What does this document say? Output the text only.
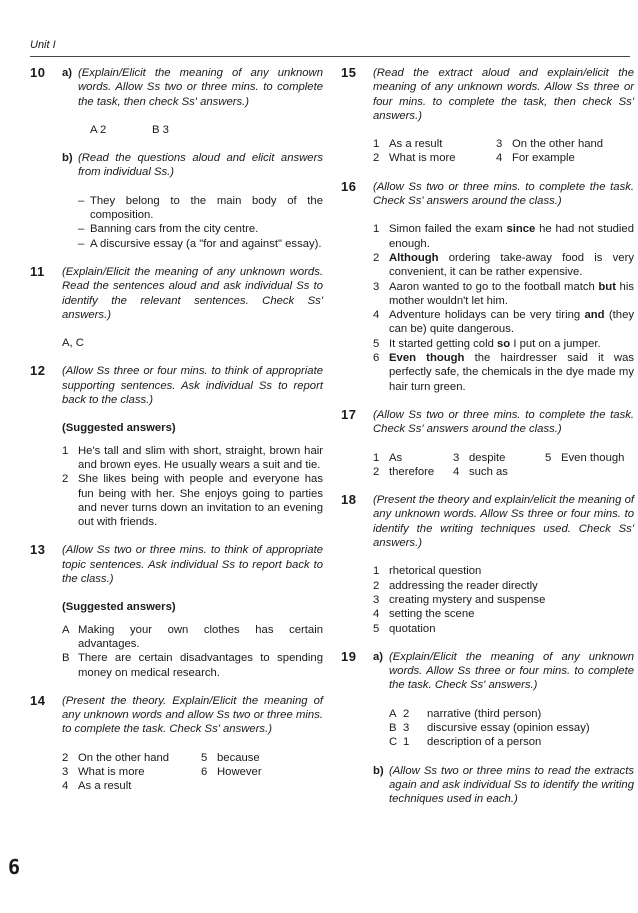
Unit I
10 a) (Explain/Elicit the meaning of any unknown words. Allow Ss two or three mins. to complete the task, then check Ss' answers.)
A 2	B 3
b) (Read the questions aloud and elicit answers from individual Ss.)
– They belong to the main body of the composition.
– Banning cars from the city centre.
– A discursive essay (a "for and against" essay).
11 (Explain/Elicit the meaning of any unknown words. Read the sentences aloud and ask individual Ss to identify the relevant sentences. Check Ss' answers.)
A, C
12 (Allow Ss three or four mins. to think of appropriate supporting sentences. Ask individual Ss to report back to the class.)
(Suggested answers)
1 He's tall and slim with short, straight, brown hair and brown eyes. He usually wears a suit and tie.
2 She likes being with people and everyone has fun being with her. She enjoys going to parties and never turns down an invitation to an evening out with friends.
13 (Allow Ss two or three mins. to think of appropriate topic sentences. Ask individual Ss to report back to the class.)
(Suggested answers)
A Making your own clothes has certain advantages.
B There are certain disadvantages to spending money on medical research.
14 (Present the theory. Explain/Elicit the meaning of any unknown words and allow Ss two or three mins. to complete the task. Check Ss' answers.)
2 On the other hand	5 because
3 What is more	6 However
4 As a result
15 (Read the extract aloud and explain/elicit the meaning of any unknown words. Allow Ss three or four mins. to complete the task, then check Ss' answers.)
1 As a result	3 On the other hand
2 What is more	4 For example
16 (Allow Ss two or three mins. to complete the task. Check Ss' answers around the class.)
1 Simon failed the exam since he had not studied enough.
2 Although ordering take-away food is very convenient, it can be rather expensive.
3 Aaron wanted to go to the football match but his mother wouldn't let him.
4 Adventure holidays can be very tiring and (they can be) quite dangerous.
5 It started getting cold so I put on a jumper.
6 Even though the hairdresser said it was perfectly safe, the chemicals in the dye made my hair turn green.
17 (Allow Ss two or three mins. to complete the task. Check Ss' answers around the class.)
1 As	3 despite	5 Even though
2 therefore	4 such as
18 (Present the theory and explain/elicit the meaning of any unknown words. Allow Ss three or four mins. to identify the writing techniques used. Check Ss' answers.)
1 rhetorical question
2 addressing the reader directly
3 creating mystery and suspense
4 setting the scene
5 quotation
19 a) (Explain/Elicit the meaning of any unknown words. Allow Ss three or four mins. to complete the task. Check Ss' answers.)
A 2	narrative (third person)
B 3	discursive essay (opinion essay)
C 1	description of a person
b) (Allow Ss two or three mins to read the extracts again and ask individual Ss to identify the writing techniques used in each.)
6
